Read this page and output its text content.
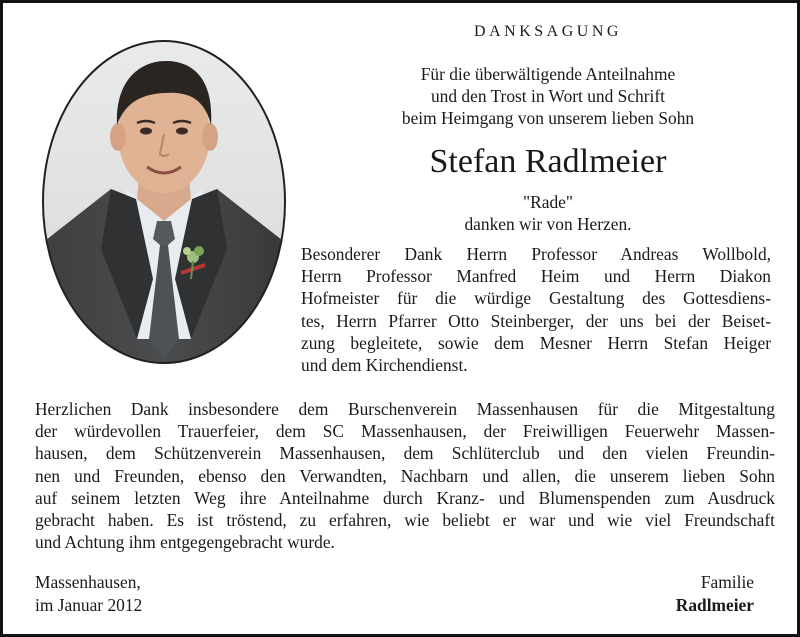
DANKSAGUNG
Für die überwältigende Anteilnahme
und den Trost in Wort und Schrift
beim Heimgang von unserem lieben Sohn
Stefan Radlmeier
"Rade"
danken wir von Herzen.
Besonderer Dank Herrn Professor Andreas Wollbold,
Herrn Professor Manfred Heim und Herrn Diakon
Hofmeister für die würdige Gestaltung des Gottesdiens-
tes, Herrn Pfarrer Otto Steinberger, der uns bei der Beiset-
zung begleitete, sowie dem Mesner Herrn Stefan Heiger
und dem Kirchendienst.
Herzlichen Dank insbesondere dem Burschenverein Massenhausen für die Mitgestaltung
der würdevollen Trauerfeier, dem SC Massenhausen, der Freiwilligen Feuerwehr Massen-
hausen, dem Schützenverein Massenhausen, dem Schlüterclub und den vielen Freundin-
nen und Freunden, ebenso den Verwandten, Nachbarn und allen, die unserem lieben Sohn
auf seinem letzten Weg ihre Anteilnahme durch Kranz- und Blumenspenden zum Ausdruck
gebracht haben. Es ist tröstend, zu erfahren, wie beliebt er war und wie viel Freundschaft
und Achtung ihm entgegengebracht wurde.
Massenhausen,
im Januar 2012
Familie
Radlmeier
